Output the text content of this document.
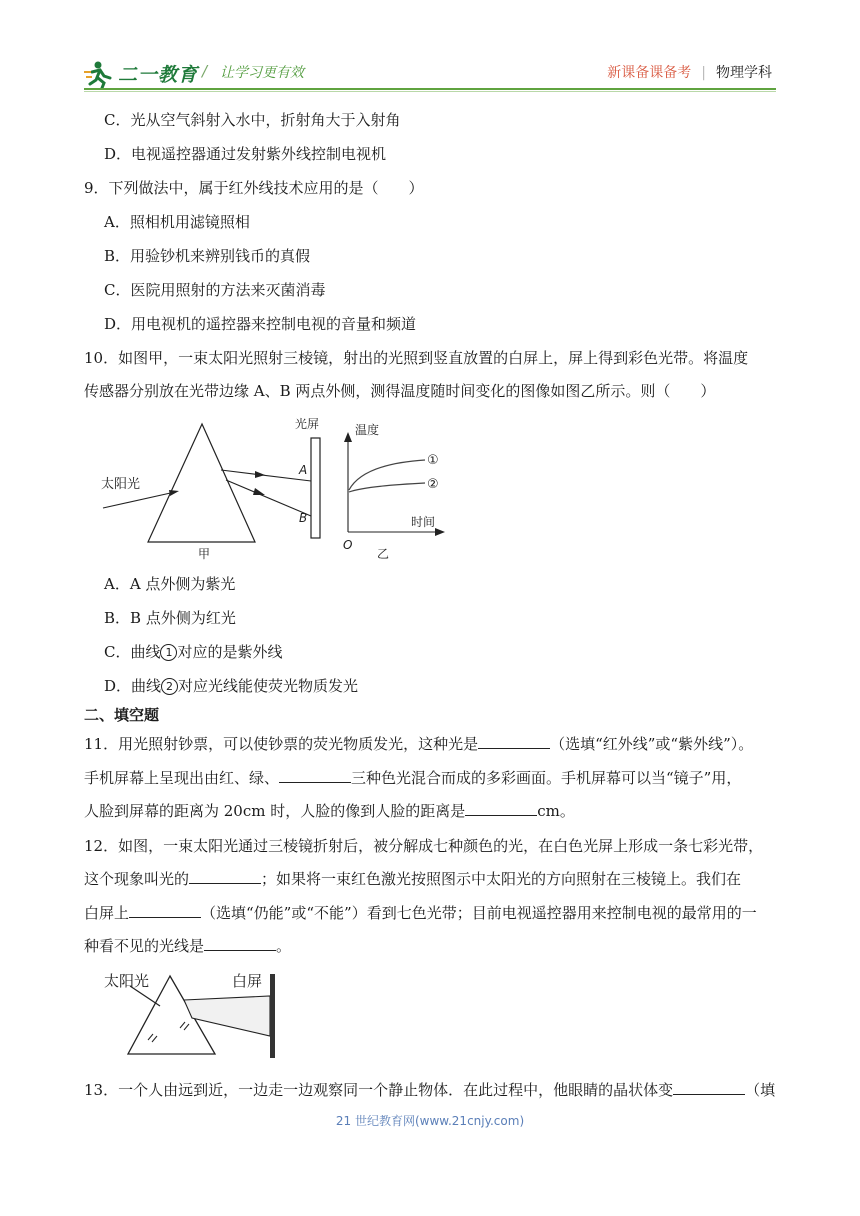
二一教育 / 让学习更有效	新课备课备考 | 物理学科
C．光从空气斜射入水中，折射角大于入射角
D．电视遥控器通过发射紫外线控制电视机
9．下列做法中，属于红外线技术应用的是（　　）
A．照相机用滤镜照相
B．用验钞机来辨别钱币的真假
C．医院用照射的方法来灭菌消毒
D．用电视机的遥控器来控制电视的音量和频道
10．如图甲，一束太阳光照射三棱镜，射出的光照到竖直放置的白屏上，屏上得到彩色光带。将温度
传感器分别放在光带边缘 A、B 两点外侧，测得温度随时间变化的图像如图乙所示。则（　　）
太阳光
光屏
A
B
甲
温度
时间
O
乙
①
②
A．A 点外侧为紫光
B．B 点外侧为红光
C．曲线 1 对应的是紫外线
D．曲线 2 对应光线能使荧光物质发光
二、填空题
11．用光照射钞票，可以使钞票的荧光物质发光，这种光是	（选填“红外线”或“紫外线”）。
手机屏幕上呈现出由红、绿、	三种色光混合而成的多彩画面。手机屏幕可以当“镜子”用，
人脸到屏幕的距离为 20cm 时，人脸的像到人脸的距离是	cm。
12．如图，一束太阳光通过三棱镜折射后，被分解成七种颜色的光，在白色光屏上形成一条七彩光带，
这个现象叫光的	；如果将一束红色激光按照图示中太阳光的方向照射在三棱镜上。我们在
白屏上	（选填“仍能”或“不能”）看到七色光带；目前电视遥控器用来控制电视的最常用的一
种看不见的光线是	。
太阳光	白屏
13．一个人由远到近，一边走一边观察同一个静止物体．在此过程中，他眼睛的晶状体变	（填
21 世纪教育网(www.21cnjy.com)
